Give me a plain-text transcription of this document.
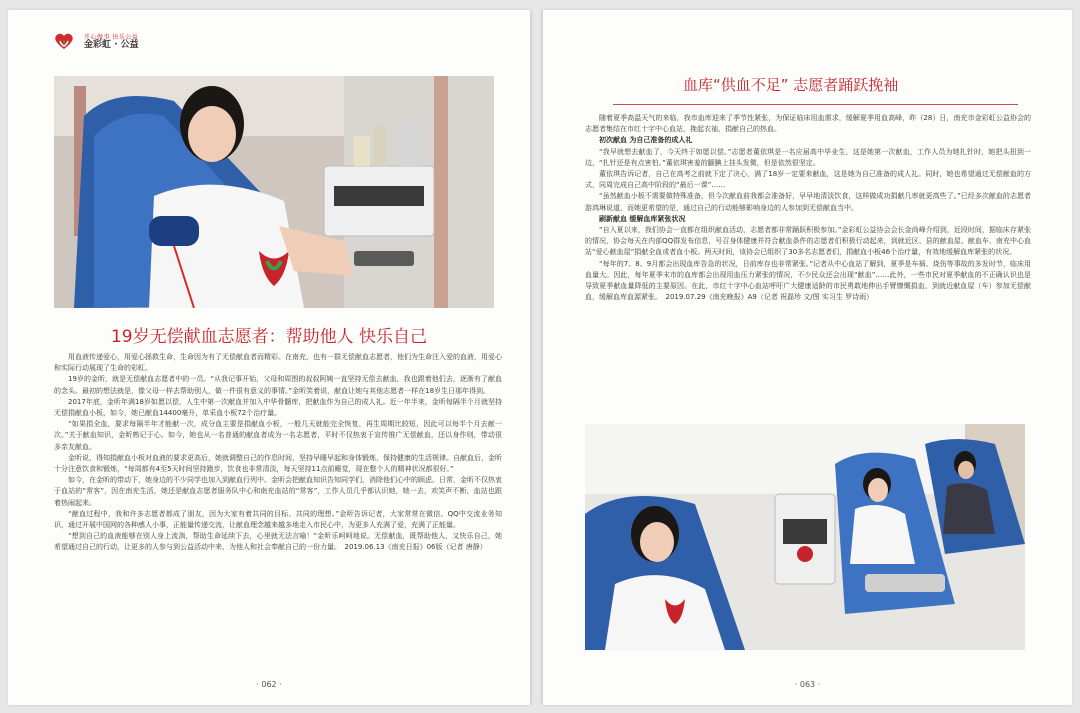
开心做事 快乐公益
金彩虹 · 公益
19岁无偿献血志愿者：帮助他人 快乐自己

用血液传递爱心，用爱心拯救生命，生命因为有了无偿献血者而精彩。在南充，也有一群无偿献血志愿者，他们为生命注入爱的血液，用爱心和实际行动展现了生命的彩虹。

19岁的金昕，就是无偿献血志愿者中的一员。“从我记事开始，父母和周围的叔叔阿姨一直坚持无偿去献血，我也跟着他们去，逐渐有了献血的念头。最初的想法就是，像父母一样去帮助别人，做一件很有意义的事情。”金昕笑着说，献血让她与其他志愿者一样在18岁生日那年得到。

2017年底，金昕年满18岁如愿以偿，人生中第一次献血并加入中华骨髓库，把献血作为自己的成人礼。近一年半来，金昕每隔半个月就坚持无偿捐献血小板，如今，她已献血14400毫升，单采血小板72个治疗量。

“如果捐全血，要求每隔半年才能献一次，成分血主要是捐献血小板，一般几天就能完全恢复，再生周期比较短，因此可以每半个月去献一次。”关于献血知识，金昕熟记于心。如今，她也从一名普通的献血者成为一名志愿者，平时不仅热衷于宣传推广无偿献血，还以身作则，带动很多亲友献血。

金昕说，得知捐献血小板对血液的要求更高后，她就调整自己的作息时间，坚持早睡早起和身体锻炼，保持健康的生活规律。自献血后，金昕十分注意饮食和锻炼，“每周都有4至5天时间坚持跑步，饮食也非常清淡，每天坚持11点前睡觉，现在整个人的精神状况都很好。”

如今，在金昕的带动下，她身边的不少同学也加入到献血行列中。金昕会把献血知识告知同学们，消除他们心中的顾虑。日常，金昕不仅热衷于血站的“常客”，因在南充生活，她还是献血志愿者服务队中心和南充血站的“常客”，工作人员几乎都认识她，她一去，欢笑声不断，血站也跟着热闹起来。

“献血过程中，我和许多志愿者都成了朋友，因为大家有着共同的目标、共同的理想。”金昕告诉记者，大家常常在微信、QQ中交流业务知识，通过开展中国网的各种感人小事，正能量传递交流，让献血理念越来越多地走入市民心中，为更多人充满了爱，充满了正能量。

“想到自己的血液能够在别人身上流淌，帮助生命延续下去，心里就无法言喻！”金昕乐呵呵地说。无偿献血，既帮助他人，又快乐自己，她希望通过自己的行动，让更多的人参与到公益活动中来，为他人和社会奉献自己的一份力量。　2019.06.13《南充日报》06版（记者 唐静）

· 062 ·
血库“供血不足” 志愿者踊跃挽袖

随着夏季高温天气的来临，我市血库迎来了季节性紧张，为保证临床用血需求，缓解夏季用血高峰，昨（28）日，南充市金彩虹公益协会的志愿者集结在市红十字中心血站，挽起衣袖，捐献自己的热血。

初次献血 为自己准备的成人礼

“我早就想去献血了，今天终于如愿以偿。”志愿者董依琪是一名应届高中毕业生，这是她第一次献血，工作人员为她扎针时，她把头扭到一边，“扎针还是有点害怕。”董依琪害羞的腼腆上挂头发微，但是依然很坚定。

董依琪告诉记者，自己在高考之前就下定了决心，满了18岁一定要来献血，这是她为自己准备的成人礼。同时，她也希望通过无偿献血的方式，同周完成自己高中阶段的“最后一课”……

“虽然献血小板不需要做特殊准备，但今次献血前我都会准备好，早早地清淡饮食，这样做成功捐献几率就更高些了。”已经多次献血的志愿者游鸿琳说道，而她更希望的是，通过自己的行动能够影响身边的人参加到无偿献血当中。

刷新献血 缓解血库紧张状况

“自入夏以来，我们协会一直都在组织献血活动，志愿者都非常踊跃积极参加。”金彩虹公益协会会长金尚峰介绍到，近段时间，据临床存紧张的情况，协会每天在内部QQ群发布信息，号召身体健康并符合献血条件的志愿者们积极行动起来，到就近区、县的献血屋、献血车、南充中心血站“爱心献血屋”捐献全血或者血小板。两天时间，该协会已组织了30多名志愿者们，捐献血小板46个治疗量，有效地缓解血库紧张的状况。

“每年的7、8、9月都会出现血库告急的状况，日前库存也非常紧张。”记者从中心血站了解到，夏季是车祸、烧伤等事故的多发时节，临床用血量大。因此，每年夏季末市的血库都会出现用血压力紧张的情况，不少民众还会出现“献血”……此外，一些市民对夏季献血的不正确认识也是导致夏季献血量降低的主要原因。在此，市红十字中心血站呼吁广大健康适龄的市民勇敢地伸出手臂慷慨捐血，到就近献血屋（车）参加无偿献血，缓解血库血源紧张。　2019.07.29《南充晚报》A9（记者 祝磊珍 文/图 实习生 罗诗雨）

· 063 ·
